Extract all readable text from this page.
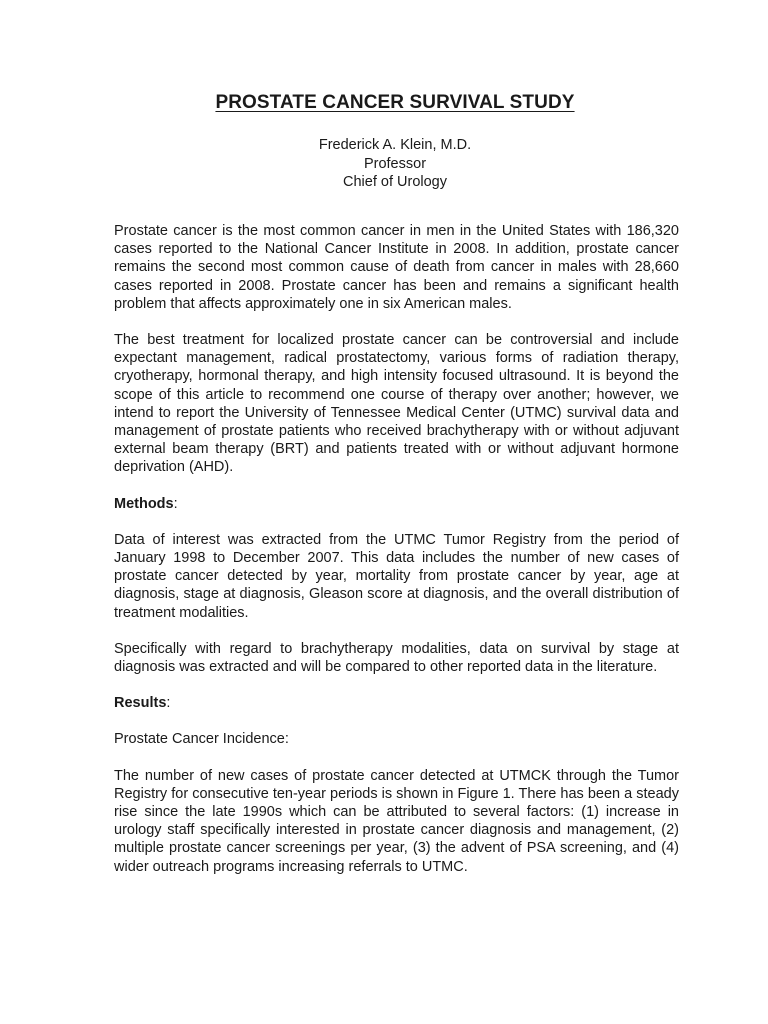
PROSTATE CANCER SURVIVAL STUDY
Frederick A. Klein, M.D.
Professor
Chief of Urology

Prostate cancer is the most common cancer in men in the United States with 186,320 cases reported to the National Cancer Institute in 2008. In addition, prostate cancer remains the second most common cause of death from cancer in males with 28,660 cases reported in 2008. Prostate cancer has been and remains a significant health problem that affects approximately one in six American males.

The best treatment for localized prostate cancer can be controversial and include expectant management, radical prostatectomy, various forms of radiation therapy, cryotherapy, hormonal therapy, and high intensity focused ultrasound. It is beyond the scope of this article to recommend one course of therapy over another; however, we intend to report the University of Tennessee Medical Center (UTMC) survival data and management of prostate patients who received brachytherapy with or without adjuvant external beam therapy (BRT) and patients treated with or without adjuvant hormone deprivation (AHD).

Methods:

Data of interest was extracted from the UTMC Tumor Registry from the period of January 1998 to December 2007. This data includes the number of new cases of prostate cancer detected by year, mortality from prostate cancer by year, age at diagnosis, stage at diagnosis, Gleason score at diagnosis, and the overall distribution of treatment modalities.

Specifically with regard to brachytherapy modalities, data on survival by stage at diagnosis was extracted and will be compared to other reported data in the literature.

Results:

Prostate Cancer Incidence:

The number of new cases of prostate cancer detected at UTMCK through the Tumor Registry for consecutive ten-year periods is shown in Figure 1. There has been a steady rise since the late 1990s which can be attributed to several factors: (1) increase in urology staff specifically interested in prostate cancer diagnosis and management, (2) multiple prostate cancer screenings per year, (3) the advent of PSA screening, and (4) wider outreach programs increasing referrals to UTMC.
